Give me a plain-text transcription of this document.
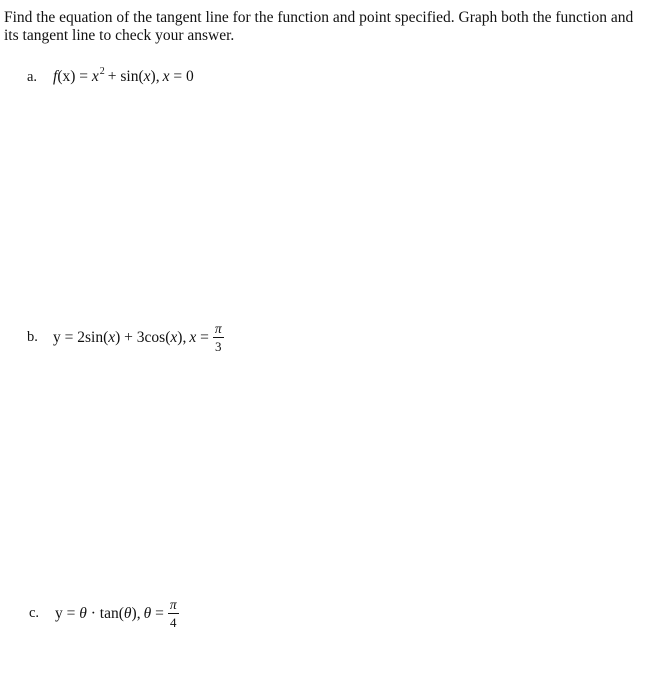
Find the equation of the tangent line for the function and point specified. Graph both the function and its tangent line to check your answer.

a.	$f(x) = x^2 + \sin(x)$, x = 0
b. y = 2sin( x ) + 3cos( x ) , $x = \frac{\pi}{3}$
c.	y = θ · tan( θ ) , $\theta = \frac{\pi}{4}$
